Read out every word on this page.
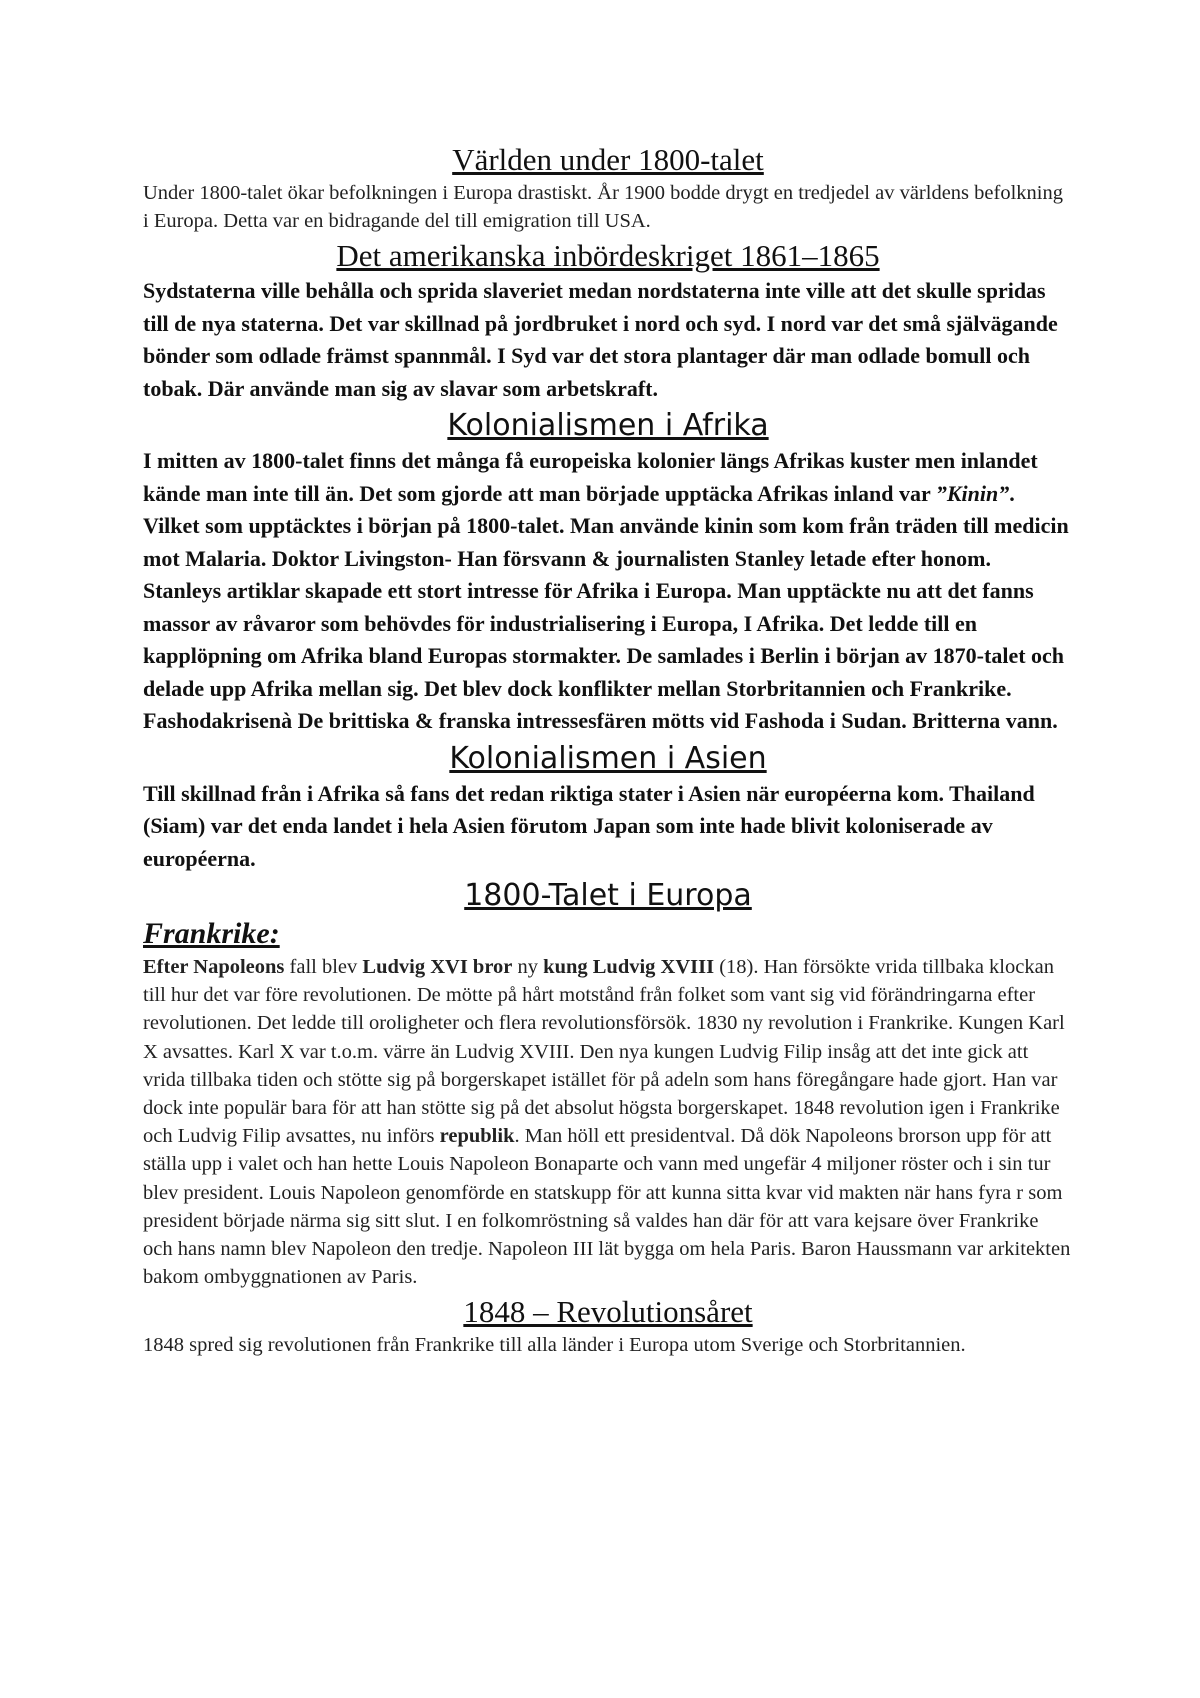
Världen under 1800-talet

Under 1800-talet ökar befolkningen i Europa drastiskt. År 1900 bodde drygt en tredjedel av världens befolkning i Europa. Detta var en bidragande del till emigration till USA.

Det amerikanska inbördeskriget 1861–1865

Sydstaterna ville behålla och sprida slaveriet medan nordstaterna inte ville att det skulle spridas till de nya staterna. Det var skillnad på jordbruket i nord och syd. I nord var det små självägande bönder som odlade främst spannmål. I Syd var det stora plantager där man odlade bomull och tobak. Där använde man sig av slavar som arbetskraft.

Kolonialismen i Afrika

I mitten av 1800-talet finns det många få europeiska kolonier längs Afrikas kuster men inlandet kände man inte till än. Det som gjorde att man började upptäcka Afrikas inland var ”Kinin”. Vilket som upptäcktes i början på 1800-talet. Man använde kinin som kom från träden till medicin mot Malaria. Doktor Livingston- Han försvann & journalisten Stanley letade efter honom. Stanleys artiklar skapade ett stort intresse för Afrika i Europa. Man upptäckte nu att det fanns massor av råvaror som behövdes för industrialisering i Europa, I Afrika. Det ledde till en kapplöpning om Afrika bland Europas stormakter. De samlades i Berlin i början av 1870-talet och delade upp Afrika mellan sig. Det blev dock konflikter mellan Storbritannien och Frankrike. Fashodakrisenà De brittiska & franska intressesfären mötts vid Fashoda i Sudan. Britterna vann.

Kolonialismen i Asien

Till skillnad från i Afrika så fans det redan riktiga stater i Asien när européerna kom. Thailand (Siam) var det enda landet i hela Asien förutom Japan som inte hade blivit koloniserade av européerna.

1800-Talet i Europa
Frankrike:

Efter Napoleons fall blev Ludvig XVI bror ny kung Ludvig XVIII (18). Han försökte vrida tillbaka klockan till hur det var före revolutionen. De mötte på hårt motstånd från folket som vant sig vid förändringarna efter revolutionen. Det ledde till oroligheter och flera revolutionsförsök. 1830 ny revolution i Frankrike. Kungen Karl X avsattes. Karl X var t.o.m. värre än Ludvig XVIII. Den nya kungen Ludvig Filip insåg att det inte gick att vrida tillbaka tiden och stötte sig på borgerskapet istället för på adeln som hans föregångare hade gjort. Han var dock inte populär bara för att han stötte sig på det absolut högsta borgerskapet. 1848 revolution igen i Frankrike och Ludvig Filip avsattes, nu införs republik. Man höll ett presidentval. Då dök Napoleons brorson upp för att ställa upp i valet och han hette Louis Napoleon Bonaparte och vann med ungefär 4 miljoner röster och i sin tur blev president. Louis Napoleon genomförde en statskupp för att kunna sitta kvar vid makten när hans fyra r som president började närma sig sitt slut. I en folkomröstning så valdes han där för att vara kejsare över Frankrike och hans namn blev Napoleon den tredje. Napoleon III lät bygga om hela Paris. Baron Haussmann var arkitekten bakom ombyggnationen av Paris.

1848 – Revolutionsåret

1848 spred sig revolutionen från Frankrike till alla länder i Europa utom Sverige och Storbritannien.
